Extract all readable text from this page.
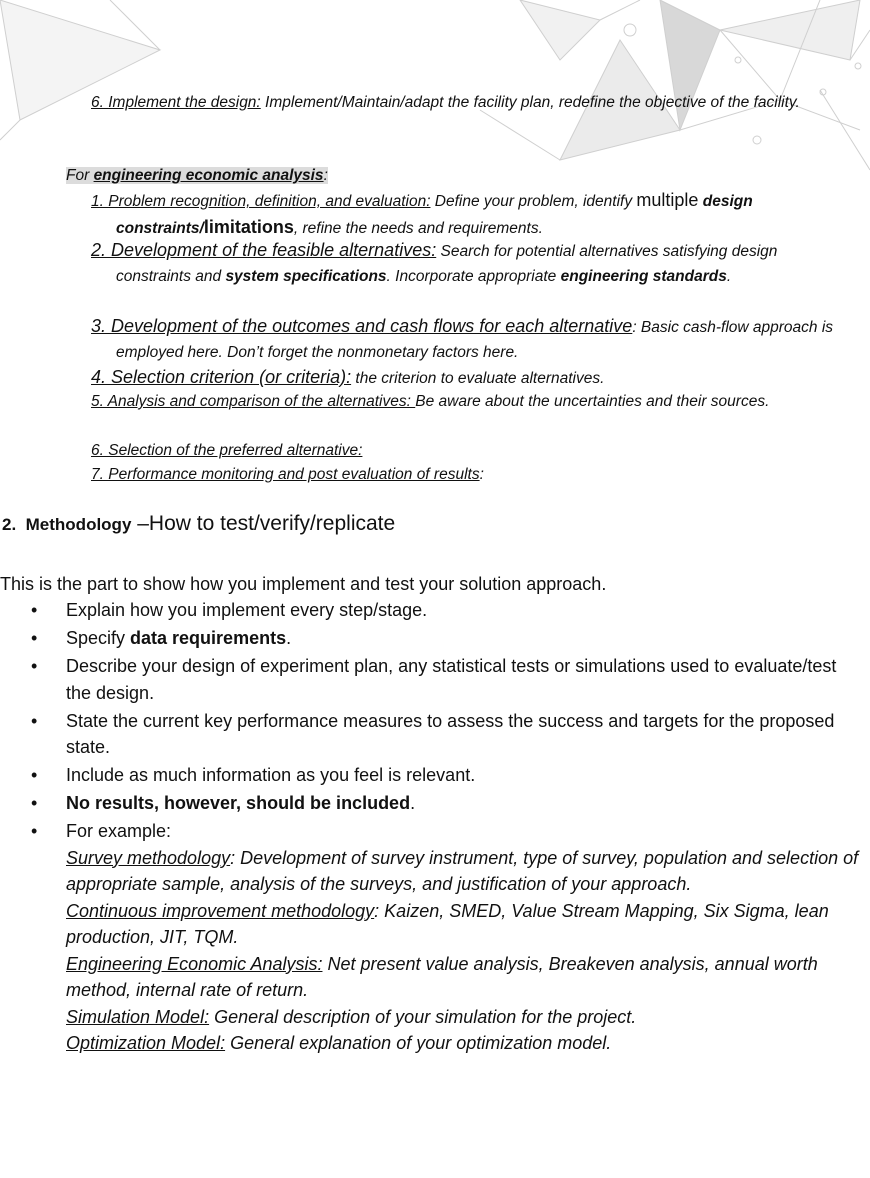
6. Implement the design: Implement/Maintain/adapt the facility plan, redefine the objective of the facility.
For engineering economic analysis:
1. Problem recognition, definition, and evaluation: Define your problem, identify multiple design constraints/limitations, refine the needs and requirements.
2. Development of the feasible alternatives: Search for potential alternatives satisfying design constraints and system specifications. Incorporate appropriate engineering standards.
3. Development of the outcomes and cash flows for each alternative: Basic cash-flow approach is employed here. Don’t forget the nonmonetary factors here.
4. Selection criterion (or criteria): the criterion to evaluate alternatives.
5. Analysis and comparison of the alternatives: Be aware about the uncertainties and their sources.
6. Selection of the preferred alternative:
7. Performance monitoring and post evaluation of results:
2. Methodology –How to test/verify/replicate
This is the part to show how you implement and test your solution approach.
• Explain how you implement every step/stage.
• Specify data requirements.
• Describe your design of experiment plan, any statistical tests or simulations used to evaluate/test the design.
• State the current key performance measures to assess the success and targets for the proposed state.
• Include as much information as you feel is relevant.
• No results, however, should be included.
• For example:
Survey methodology: Development of survey instrument, type of survey, population and selection of appropriate sample, analysis of the surveys, and justification of your approach.
Continuous improvement methodology: Kaizen, SMED, Value Stream Mapping, Six Sigma, lean production, JIT, TQM.
Engineering Economic Analysis: Net present value analysis, Breakeven analysis, annual worth method, internal rate of return.
Simulation Model: General description of your simulation for the project.
Optimization Model: General explanation of your optimization model.
